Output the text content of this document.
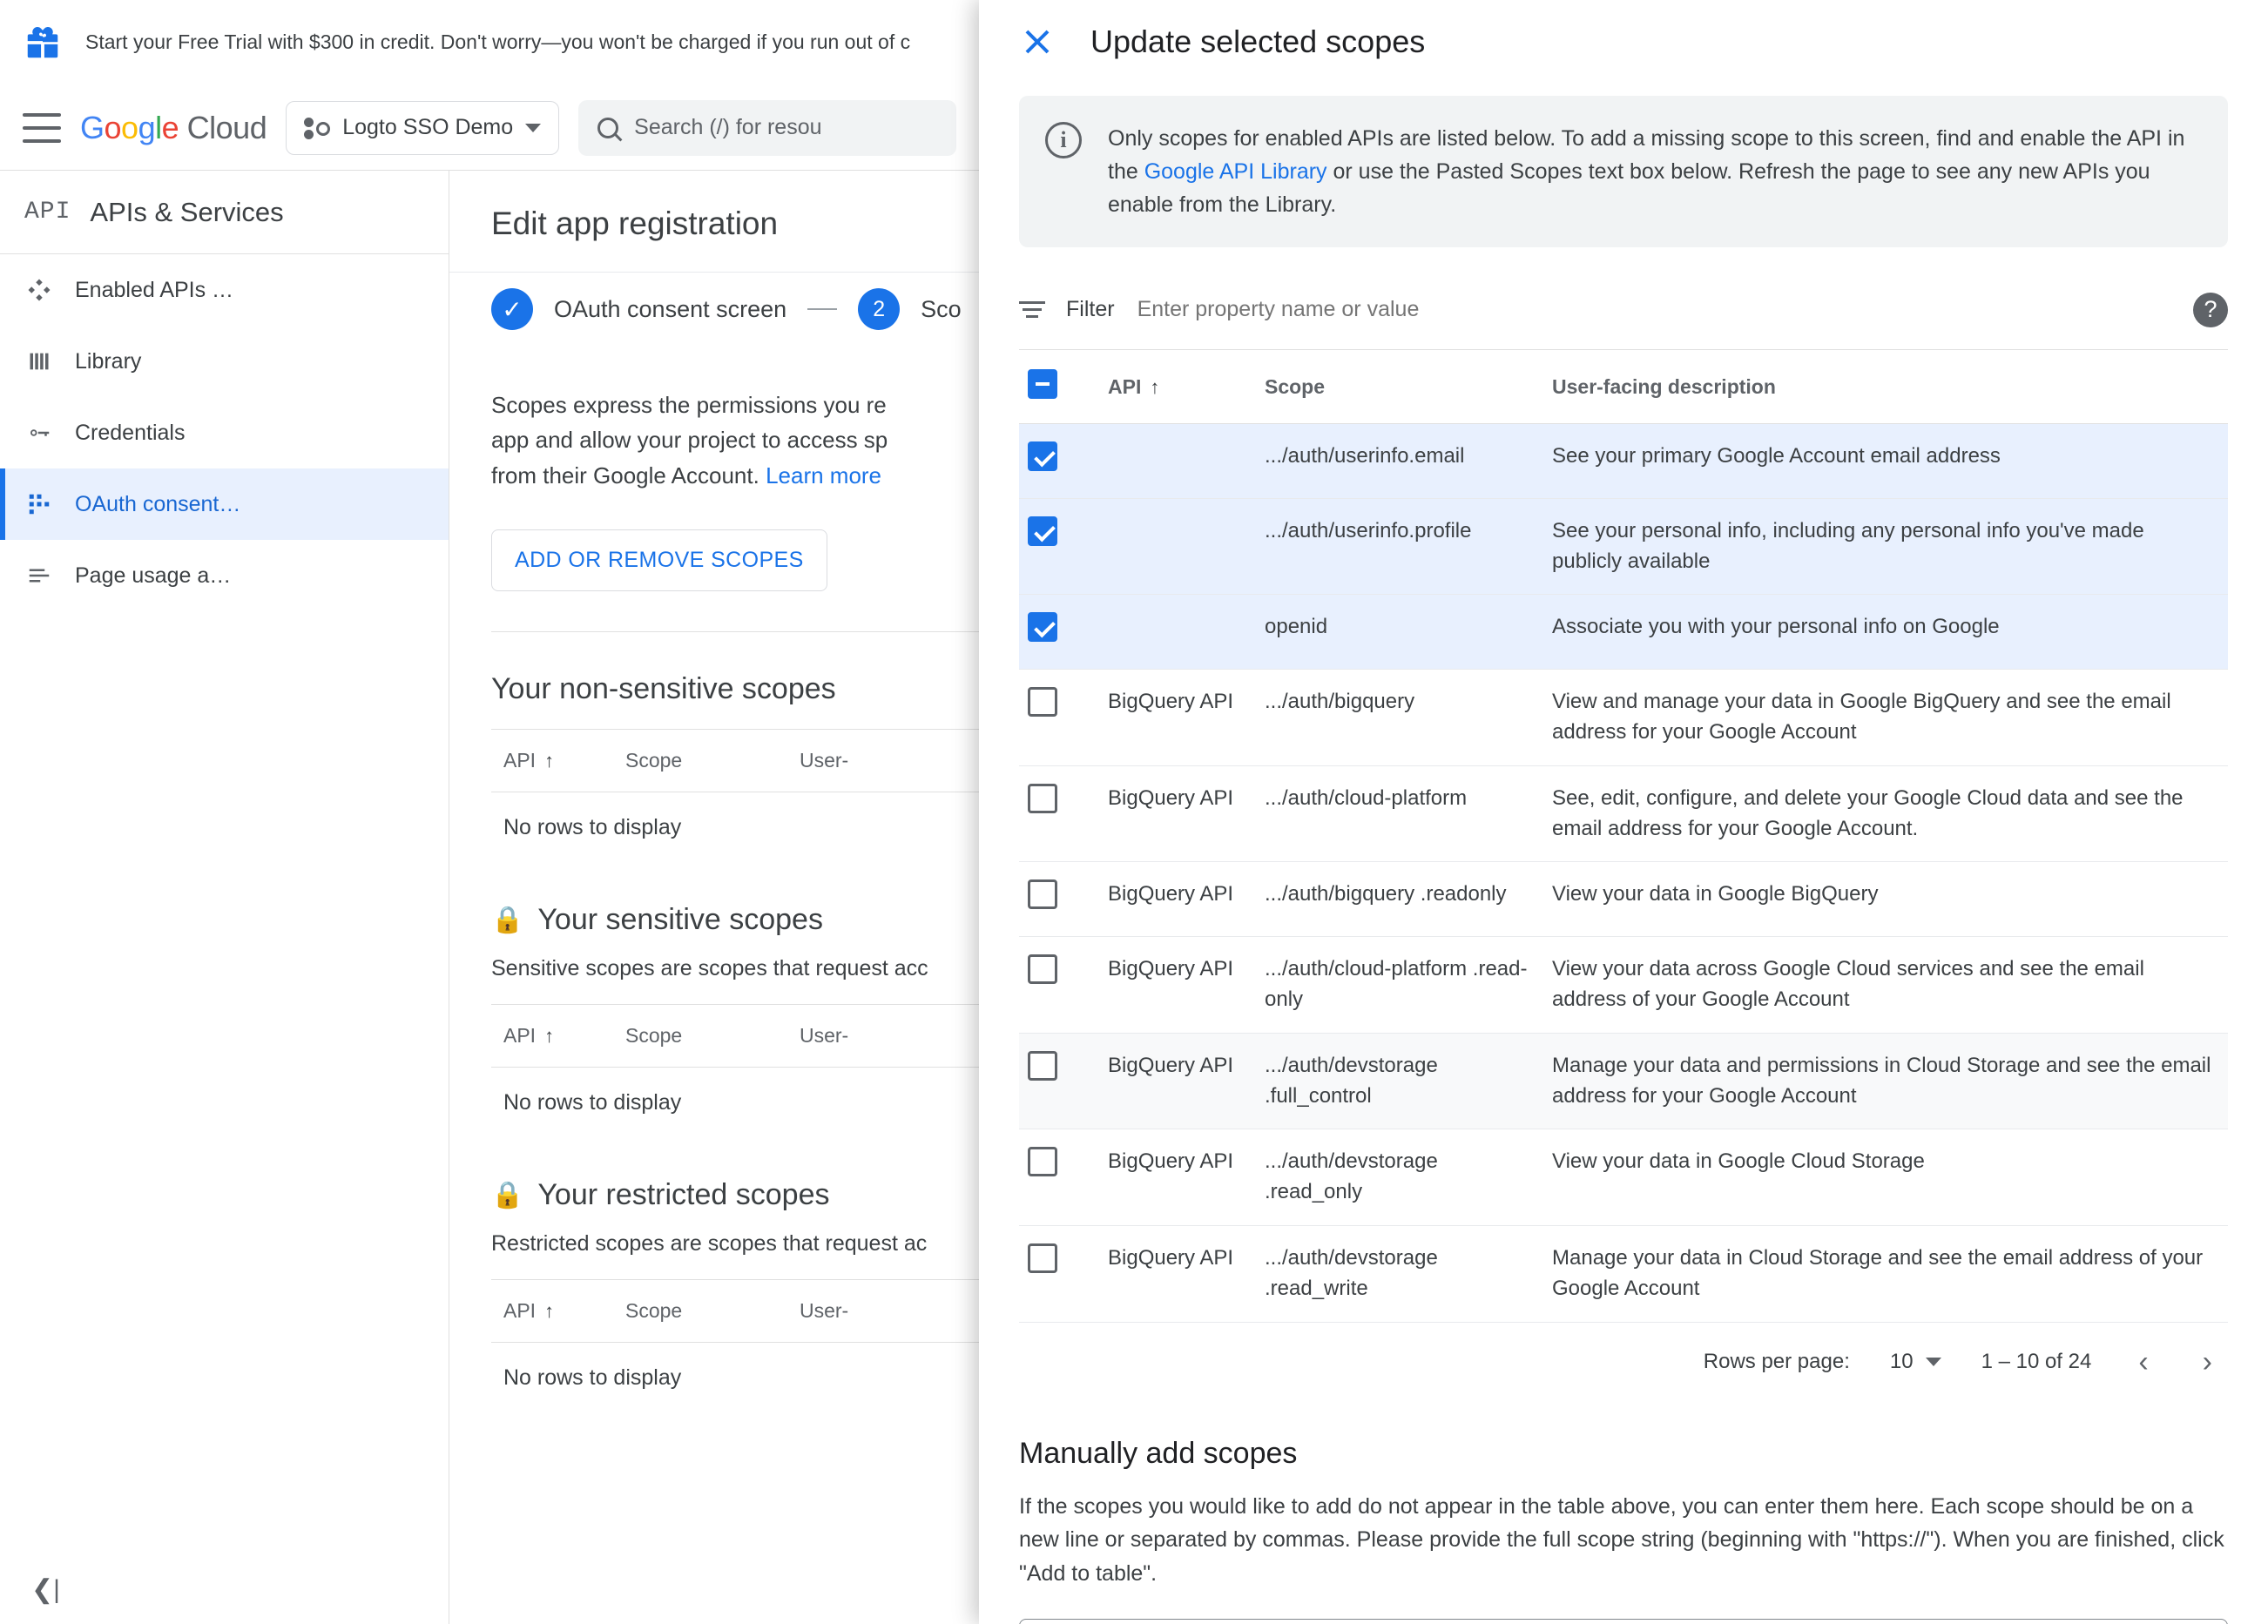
Start your Free Trial with $300 in credit. Don't worry—you won't be charged if you run out of c
Google Cloud	Logto SSO Demo	Search (/) for resou
API APIs & Services
Enabled APIs …
Library
Credentials
OAuth consent…
Page usage a…
❮|
Edit app registration
✓ OAuth consent screen	2	Sco
Scopes express the permissions you re
app and allow your project to access sp
from their Google Account. Learn more
ADD OR REMOVE SCOPES
Your non-sensitive scopes
API ↑	Scope	User-
No rows to display
🔒 Your sensitive scopes
Sensitive scopes are scopes that request acc
API ↑	Scope	User-
No rows to display
🔒 Your restricted scopes
Restricted scopes are scopes that request ac
API ↑	Scope	User-
No rows to display
Update selected scopes
i	Only scopes for enabled APIs are listed below. To add a missing scope to this screen, find and enable the API in the Google API Library or use the Pasted Scopes text box below. Refresh the page to see any new APIs you enable from the Library.
Filter
Enter property name or value	?
	API ↑	Scope	User-facing description
		.../auth/userinfo.email	See your primary Google Account email address
		.../auth/userinfo.profile	See your personal info, including any personal info you've made publicly available
		openid	Associate you with your personal info on Google
	BigQuery API	.../auth/bigquery	View and manage your data in Google BigQuery and see the email address for your Google Account
	BigQuery API	.../auth/cloud-platform	See, edit, configure, and delete your Google Cloud data and see the email address for your Google Account.
	BigQuery API	.../auth/bigquery .readonly	View your data in Google BigQuery
	BigQuery API	.../auth/cloud-platform .read-only	View your data across Google Cloud services and see the email address of your Google Account
	BigQuery API	.../auth/devstorage .full_control	Manage your data and permissions in Cloud Storage and see the email address for your Google Account
	BigQuery API	.../auth/devstorage .read_only	View your data in Google Cloud Storage
	BigQuery API	.../auth/devstorage .read_write	Manage your data in Cloud Storage and see the email address of your Google Account
Rows per page: 10	1 – 10 of 24 ‹ ›
Manually add scopes
If the scopes you would like to add do not appear in the table above, you can enter them here. Each scope should be on a new line or separated by commas. Please provide the full scope string (beginning with "https://"). When you are finished, click "Add to table".
